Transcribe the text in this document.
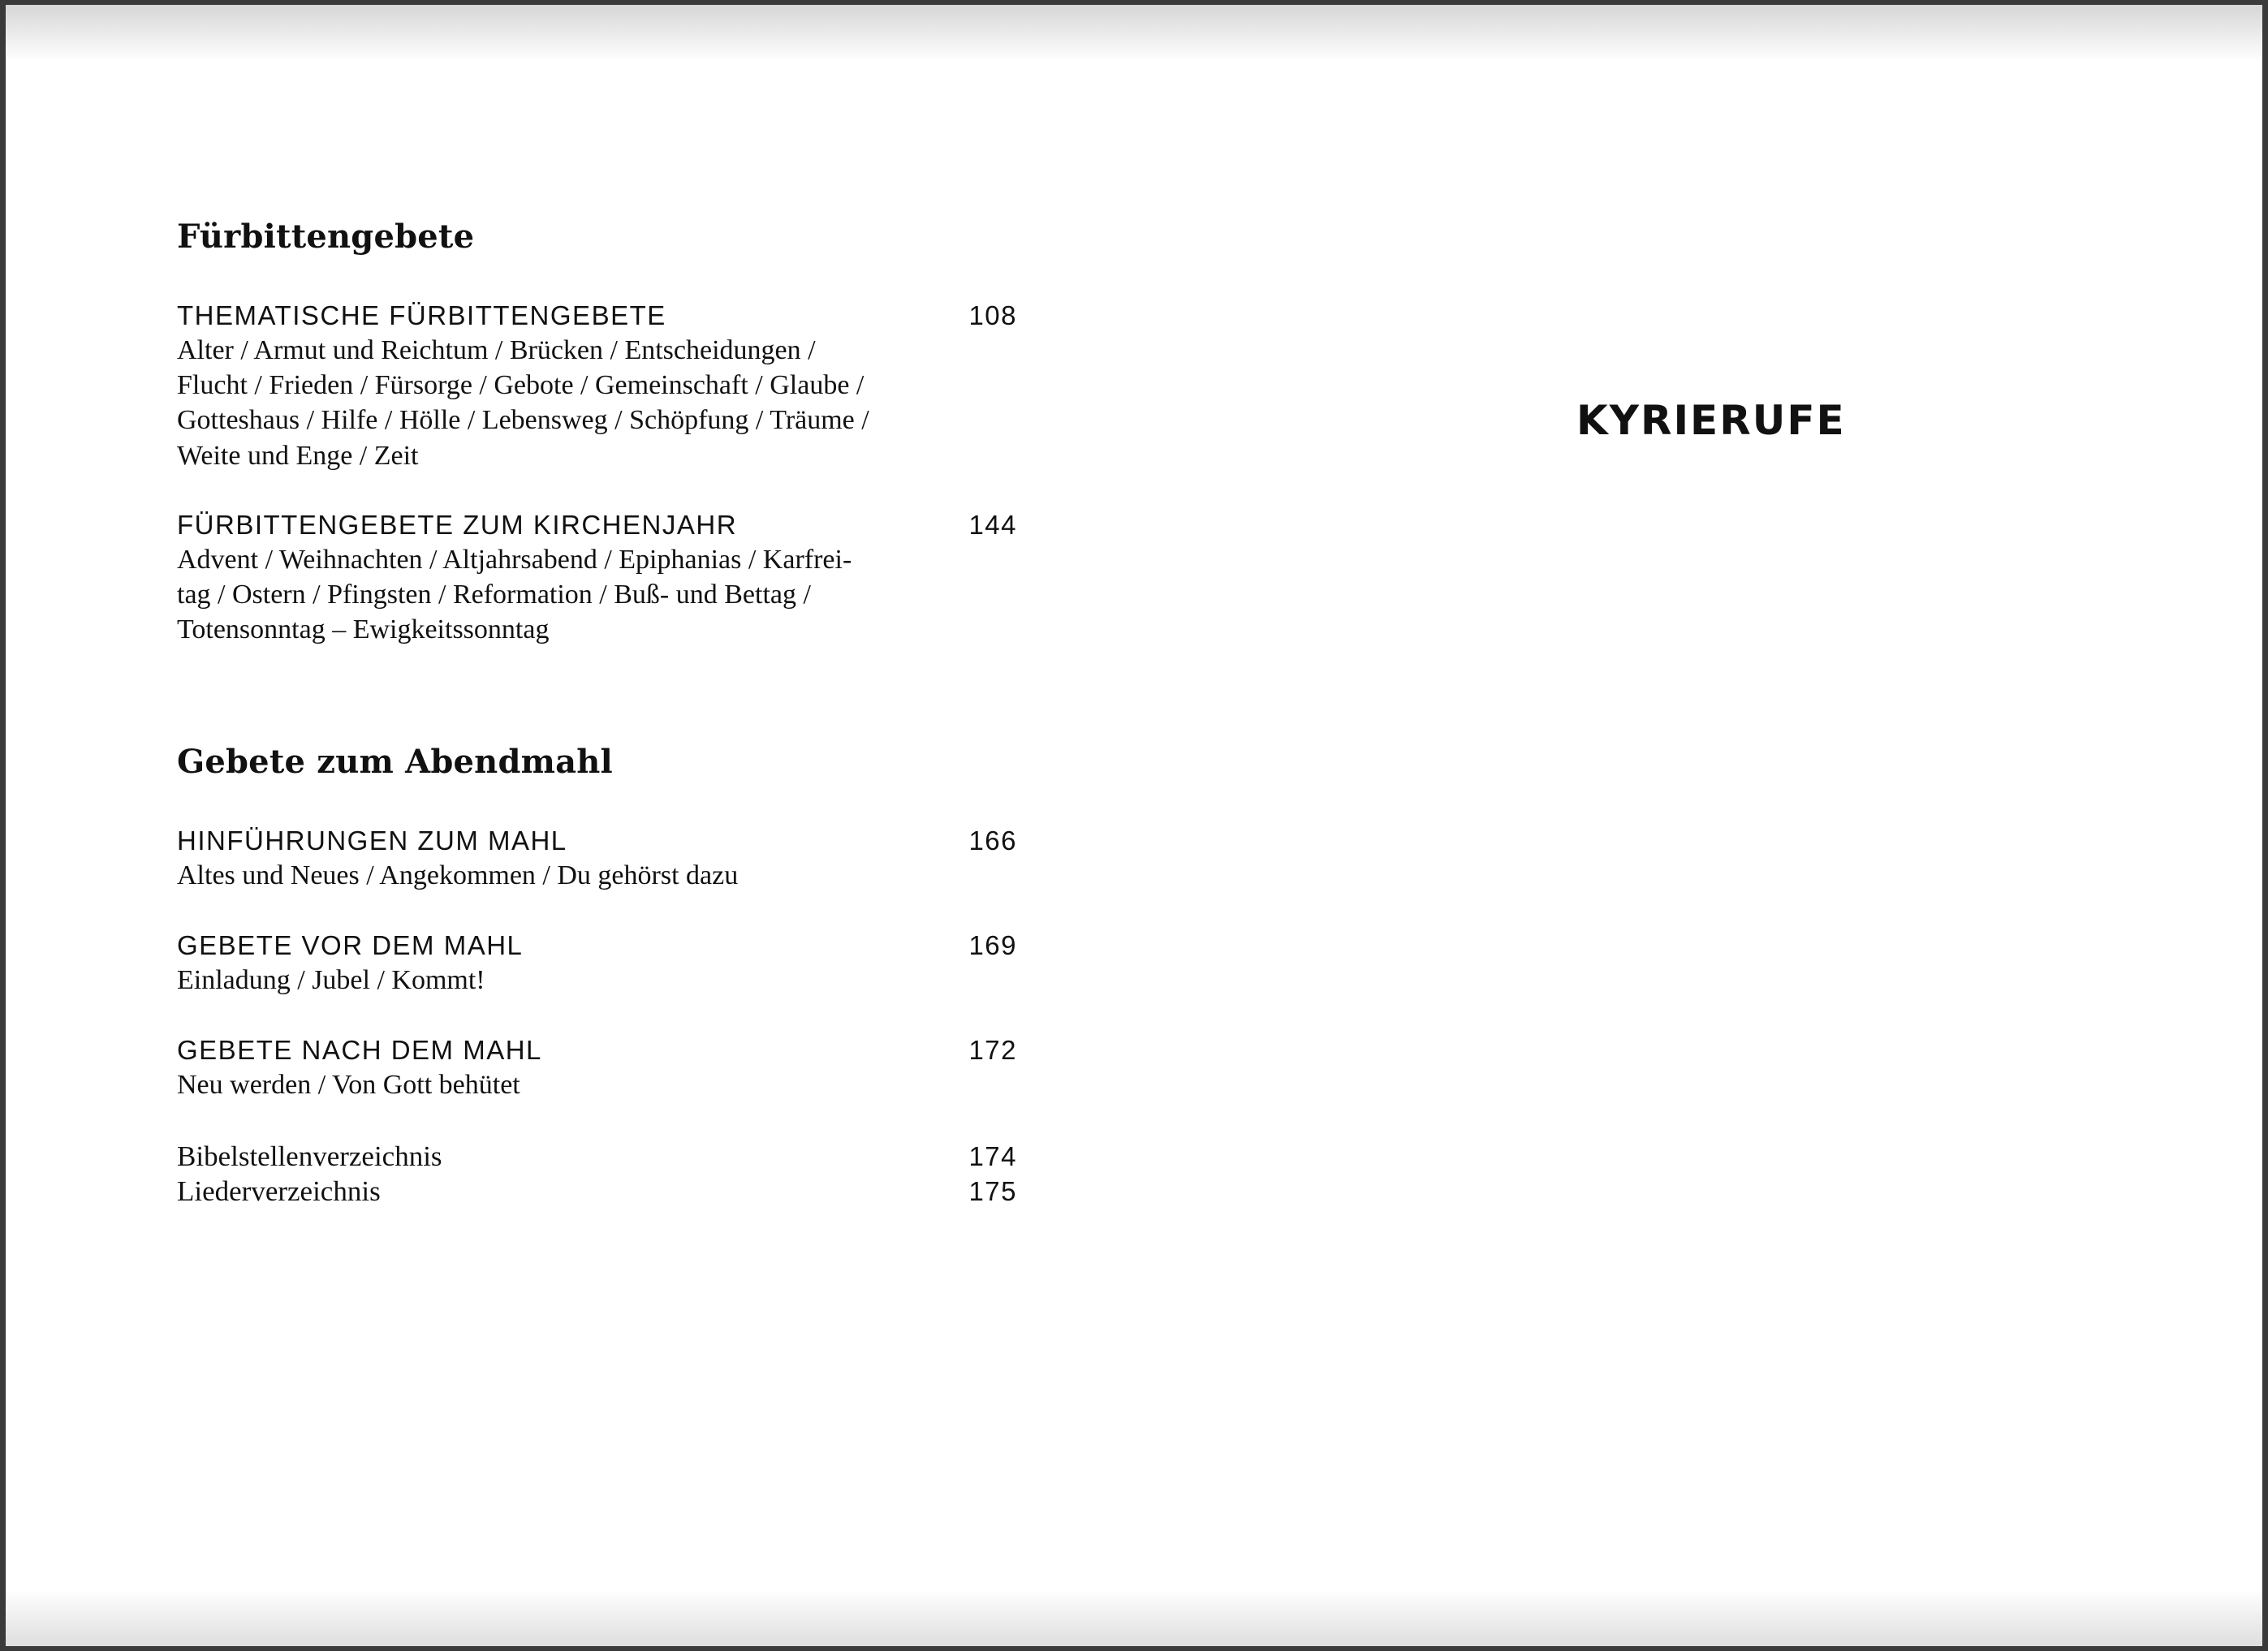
Fürbittengebete
THEMATISCHE FÜRBITTENGEBETE	108
Alter / Armut und Reichtum / Brücken / Entscheidungen /
Flucht / Frieden / Fürsorge / Gebote / Gemeinschaft / Glaube /
Gotteshaus / Hilfe / Hölle / Lebensweg / Schöpfung / Träume /
Weite und Enge / Zeit
FÜRBITTENGEBETE ZUM KIRCHENJAHR	144
Advent / Weihnachten / Altjahrsabend / Epiphanias / Karfrei-
tag / Ostern / Pfingsten / Reformation / Buß- und Bettag /
Totensonntag – Ewigkeitssonntag
Gebete zum Abendmahl
HINFÜHRUNGEN ZUM MAHL	166
Altes und Neues / Angekommen / Du gehörst dazu
GEBETE VOR DEM MAHL	169
Einladung / Jubel / Kommt!
GEBETE NACH DEM MAHL	172
Neu werden / Von Gott behütet
Bibelstellenverzeichnis	174
Liederverzeichnis	175
KYRIERUFE
